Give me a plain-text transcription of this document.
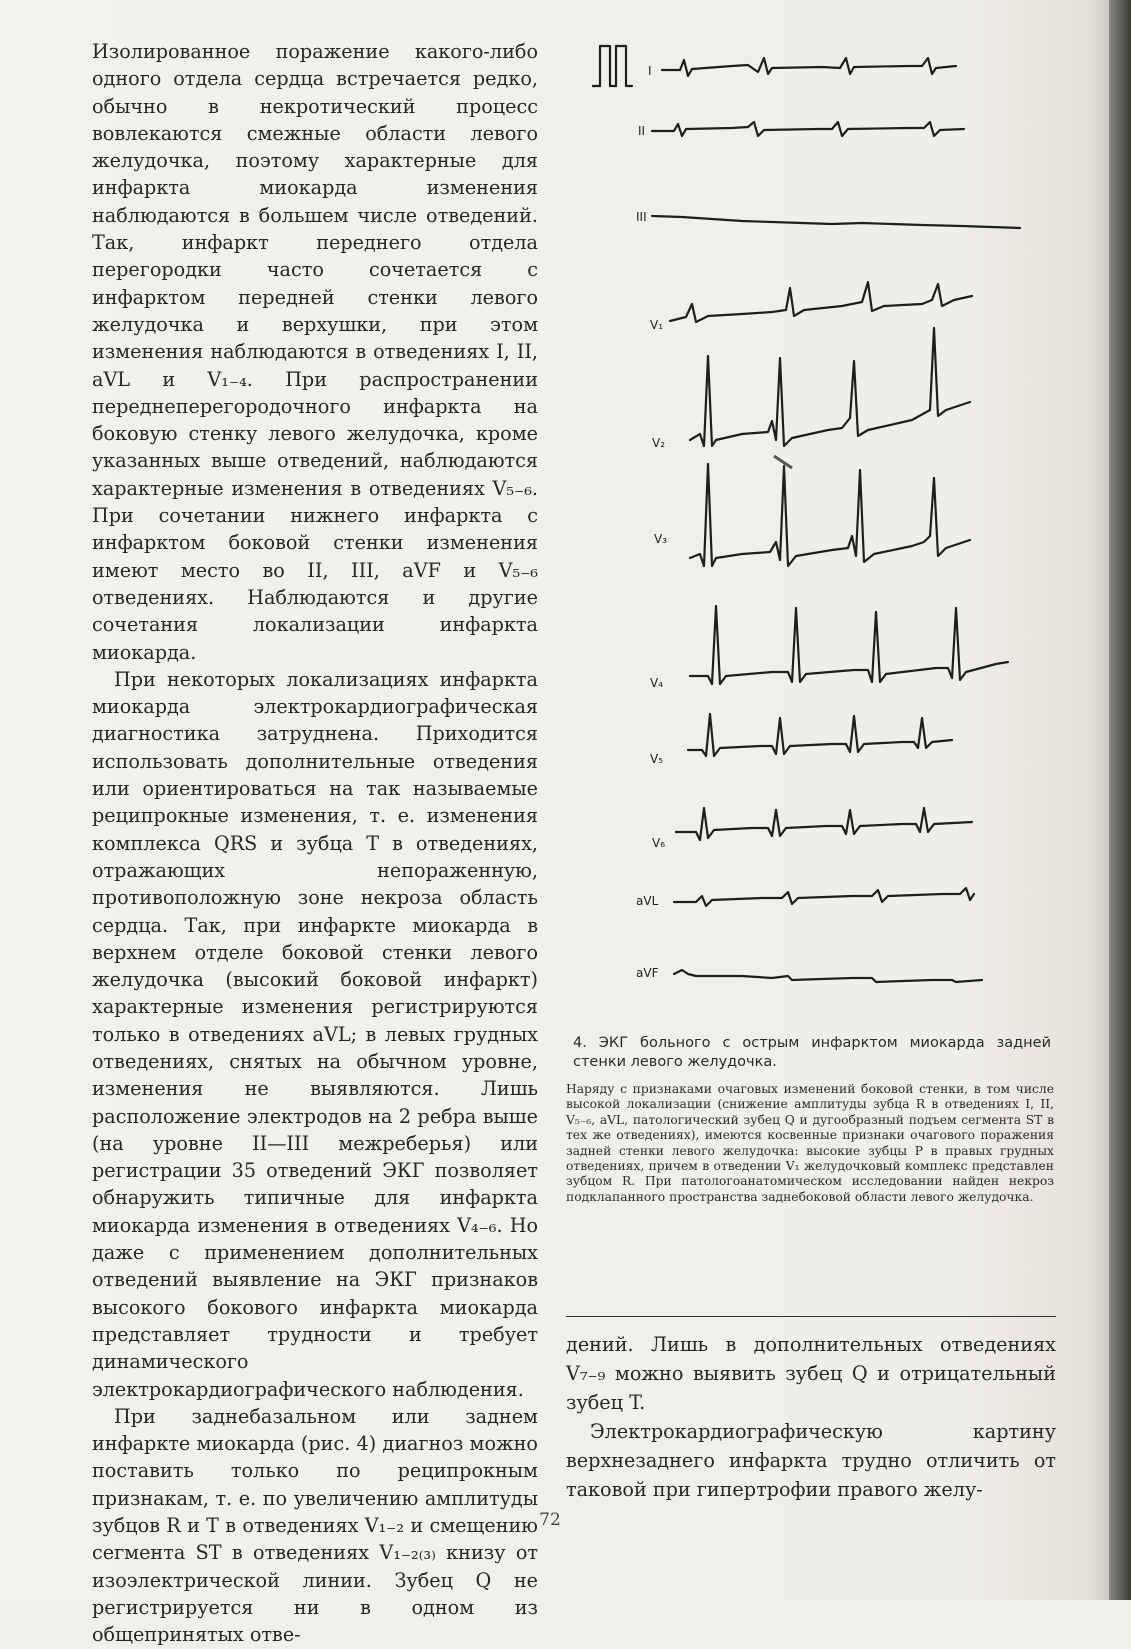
Изолированное поражение какого-либо одного отдела сердца встречается редко, обычно в некротический процесс вовлекаются смежные области левого желудочка, поэтому характерные для инфаркта миокарда изменения наблюдаются в большем числе отведений. Так, инфаркт переднего отдела перегородки часто сочетается с инфарктом передней стенки левого желудочка и верхушки, при этом изменения наблюдаются в отведениях I, II, aVL и V₁₋₄. При распространении переднеперегородочного инфаркта на боковую стенку левого желудочка, кроме указанных выше отведений, наблюдаются характерные изменения в отведениях V₅₋₆. При сочетании нижнего инфаркта с инфарктом боковой стенки изменения имеют место во II, III, aVF и V₅₋₆ отведениях. Наблюдаются и другие сочетания локализации инфаркта миокарда.

При некоторых локализациях инфаркта миокарда электрокардиографическая диагностика затруднена. Приходится использовать дополнительные отведения или ориентироваться на так называемые реципрокные изменения, т. е. изменения комплекса QRS и зубца T в отведениях, отражающих непораженную, противоположную зоне некроза область сердца. Так, при инфаркте миокарда в верхнем отделе боковой стенки левого желудочка (высокий боковой инфаркт) характерные изменения регистрируются только в отведениях aVL; в левых грудных отведениях, снятых на обычном уровне, изменения не выявляются. Лишь расположение электродов на 2 ребра выше (на уровне II—III межреберья) или регистрации 35 отведений ЭКГ позволяет обнаружить типичные для инфаркта миокарда изменения в отведениях V₄₋₆. Но даже с применением дополнительных отведений выявление на ЭКГ признаков высокого бокового инфаркта миокарда представляет трудности и требует динамического электрокардиографического наблюдения.

При заднебазальном или заднем инфаркте миокарда (рис. 4) диагноз можно поставить только по реципрокным признакам, т. е. по увеличению амплитуды зубцов R и T в отведениях V₁₋₂ и смещению сегмента ST в отведениях V₁₋₂₍₃₎ книзу от изоэлектрической линии. Зубец Q не регистрируется ни в одном из общепринятых отве-

I
II
III
V₁
V₂
V₃
V₄
V₅
V₆
aVL
aVF
4. ЭКГ больного с острым инфарктом миокарда задней стенки левого желудочка.
Наряду с признаками очаговых изменений боковой стенки, в том числе высокой локализации (снижение амплитуды зубца R в отведениях I, II, V₅₋₆, aVL, патологический зубец Q и дугообразный подъем сегмента ST в тех же отведениях), имеются косвенные признаки очагового поражения задней стенки левого желудочка: высокие зубцы P в правых грудных отведениях, причем в отведении V₁ желудочковый комплекс представлен зубцом R. При патологоанатомическом исследовании найден некроз подклапанного пространства заднебоковой области левого желудочка.

дений. Лишь в дополнительных отведениях V₇₋₉ можно выявить зубец Q и отрицательный зубец T.

Электрокардиографическую картину верхнезаднего инфаркта трудно отличить от таковой при гипертрофии правого желу-

72
